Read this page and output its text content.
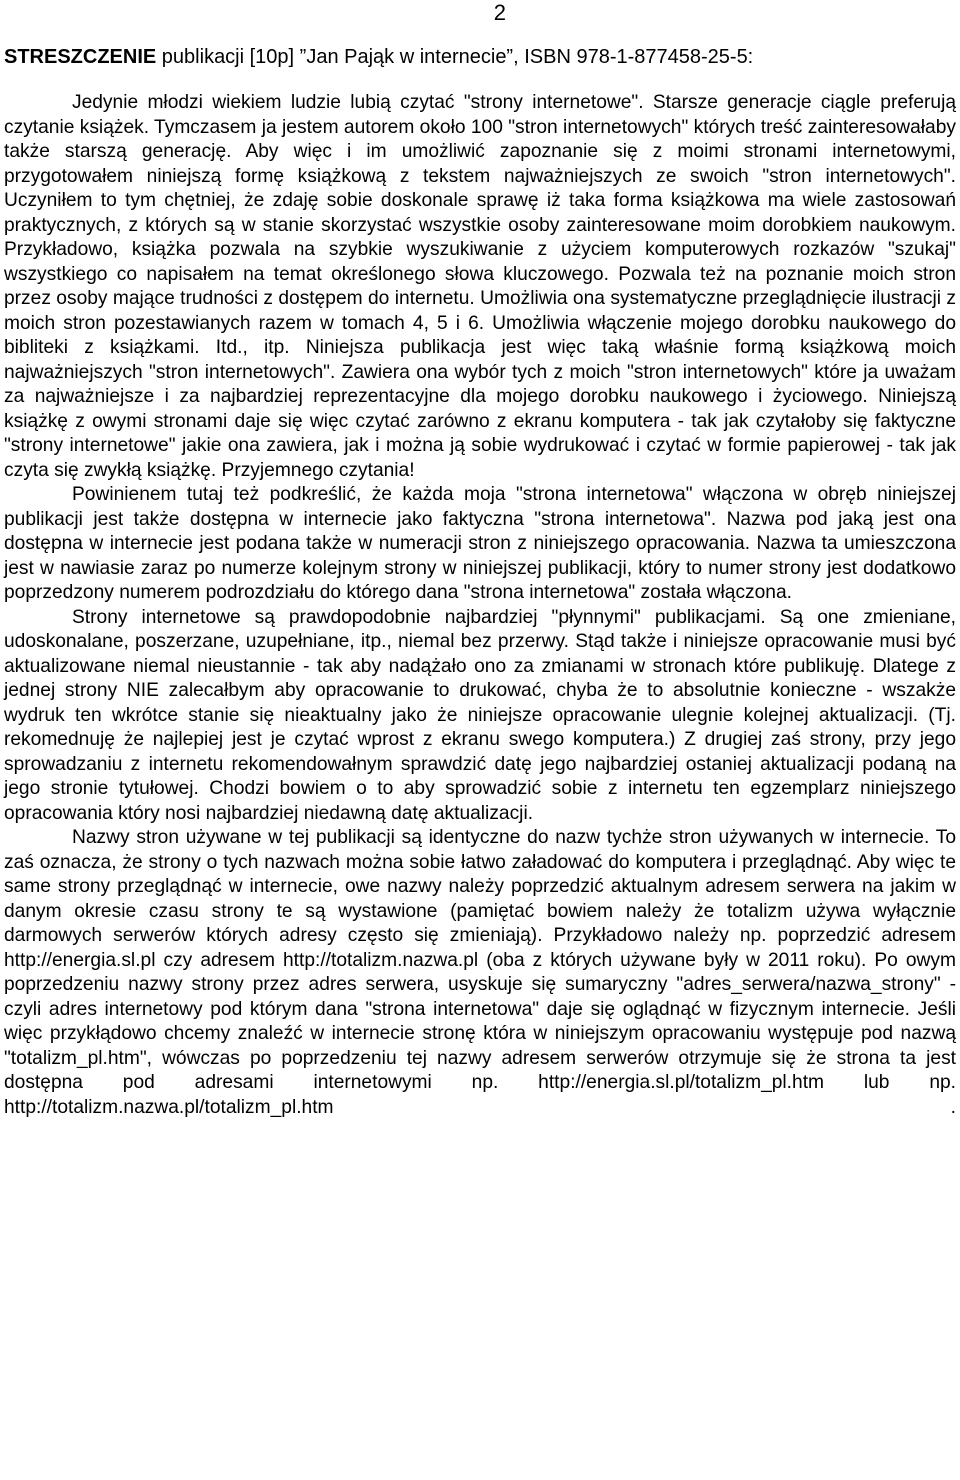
2
STRESZCZENIE publikacji [10p] ”Jan Pająk w internecie”, ISBN 978-1-877458-25-5:

Jedynie młodzi wiekiem ludzie lubią czytać "strony internetowe". Starsze generacje ciągle preferują czytanie książek. Tymczasem ja jestem autorem około 100 "stron internetowych" których treść zainteresowałaby także starszą generację. Aby więc i im umożliwić zapoznanie się z moimi stronami internetowymi, przygotowałem niniejszą formę książkową z tekstem najważniejszych ze swoich "stron internetowych". Uczyniłem to tym chętniej, że zdaję sobie doskonale sprawę iż taka forma książkowa ma wiele zastosowań praktycznych, z których są w stanie skorzystać wszystkie osoby zainteresowane moim dorobkiem naukowym. Przykładowo, książka pozwala na szybkie wyszukiwanie z użyciem komputerowych rozkazów "szukaj" wszystkiego co napisałem na temat określonego słowa kluczowego. Pozwala też na poznanie moich stron przez osoby mające trudności z dostępem do internetu. Umożliwia ona systematyczne przeglądnięcie ilustracji z moich stron pozestawianych razem w tomach 4, 5 i 6. Umożliwia włączenie mojego dorobku naukowego do bibliteki z książkami. Itd., itp. Niniejsza publikacja jest więc taką właśnie formą książkową moich najważniejszych "stron internetowych". Zawiera ona wybór tych z moich "stron internetowych" które ja uważam za najważniejsze i za najbardziej reprezentacyjne dla mojego dorobku naukowego i życiowego. Niniejszą książkę z owymi stronami daje się więc czytać zarówno z ekranu komputera - tak jak czytałoby się faktyczne "strony internetowe" jakie ona zawiera, jak i można ją sobie wydrukować i czytać w formie papierowej - tak jak czyta się zwykłą książkę. Przyjemnego czytania!

Powinienem tutaj też podkreślić, że każda moja "strona internetowa" włączona w obręb niniejszej publikacji jest także dostępna w internecie jako faktyczna "strona internetowa". Nazwa pod jaką jest ona dostępna w internecie jest podana także w numeracji stron z niniejszego opracowania. Nazwa ta umieszczona jest w nawiasie zaraz po numerze kolejnym strony w niniejszej publikacji, który to numer strony jest dodatkowo poprzedzony numerem podrozdziału do którego dana "strona internetowa" została włączona.

Strony internetowe są prawdopodobnie najbardziej "płynnymi" publikacjami. Są one zmieniane, udoskonalane, poszerzane, uzupełniane, itp., niemal bez przerwy. Stąd także i niniejsze opracowanie musi być aktualizowane niemal nieustannie - tak aby nadążało ono za zmianami w stronach które publikuję. Dlatege z jednej strony NIE zalecałbym aby opracowanie to drukować, chyba że to absolutnie konieczne - wszakże wydruk ten wkrótce stanie się nieaktualny jako że niniejsze opracowanie ulegnie kolejnej aktualizacji. (Tj. rekomednuję że najlepiej jest je czytać wprost z ekranu swego komputera.) Z drugiej zaś strony, przy jego sprowadzaniu z internetu rekomendowałnym sprawdzić datę jego najbardziej ostaniej aktualizacji podaną na jego stronie tytułowej. Chodzi bowiem o to aby sprowadzić sobie z internetu ten egzemplarz niniejszego opracowania który nosi najbardziej niedawną datę aktualizacji.

Nazwy stron używane w tej publikacji są identyczne do nazw tychże stron używanych w internecie. To zaś oznacza, że strony o tych nazwach można sobie łatwo załadować do komputera i przeglądnąć. Aby więc te same strony przeglądnąć w internecie, owe nazwy należy poprzedzić aktualnym adresem serwera na jakim w danym okresie czasu strony te są wystawione (pamiętać bowiem należy że totalizm używa wyłącznie darmowych serwerów których adresy często się zmieniają). Przykładowo należy np. poprzedzić adresem http://energia.sl.pl czy adresem http://totalizm.nazwa.pl (oba z których używane były w 2011 roku). Po owym poprzedzeniu nazwy strony przez adres serwera, usyskuje się sumaryczny "adres_serwera/nazwa_strony" - czyli adres internetowy pod którym dana "strona internetowa" daje się oglądnąć w fizycznym internecie. Jeśli więc przykłądowo chcemy znaleźć w internecie stronę która w niniejszym opracowaniu występuje pod nazwą "totalizm_pl.htm", wówczas po poprzedzeniu tej nazwy adresem serwerów otrzymuje się że strona ta jest dostępna pod adresami internetowymi np. http://energia.sl.pl/totalizm_pl.htm lub np. http://totalizm.nazwa.pl/totalizm_pl.htm .
